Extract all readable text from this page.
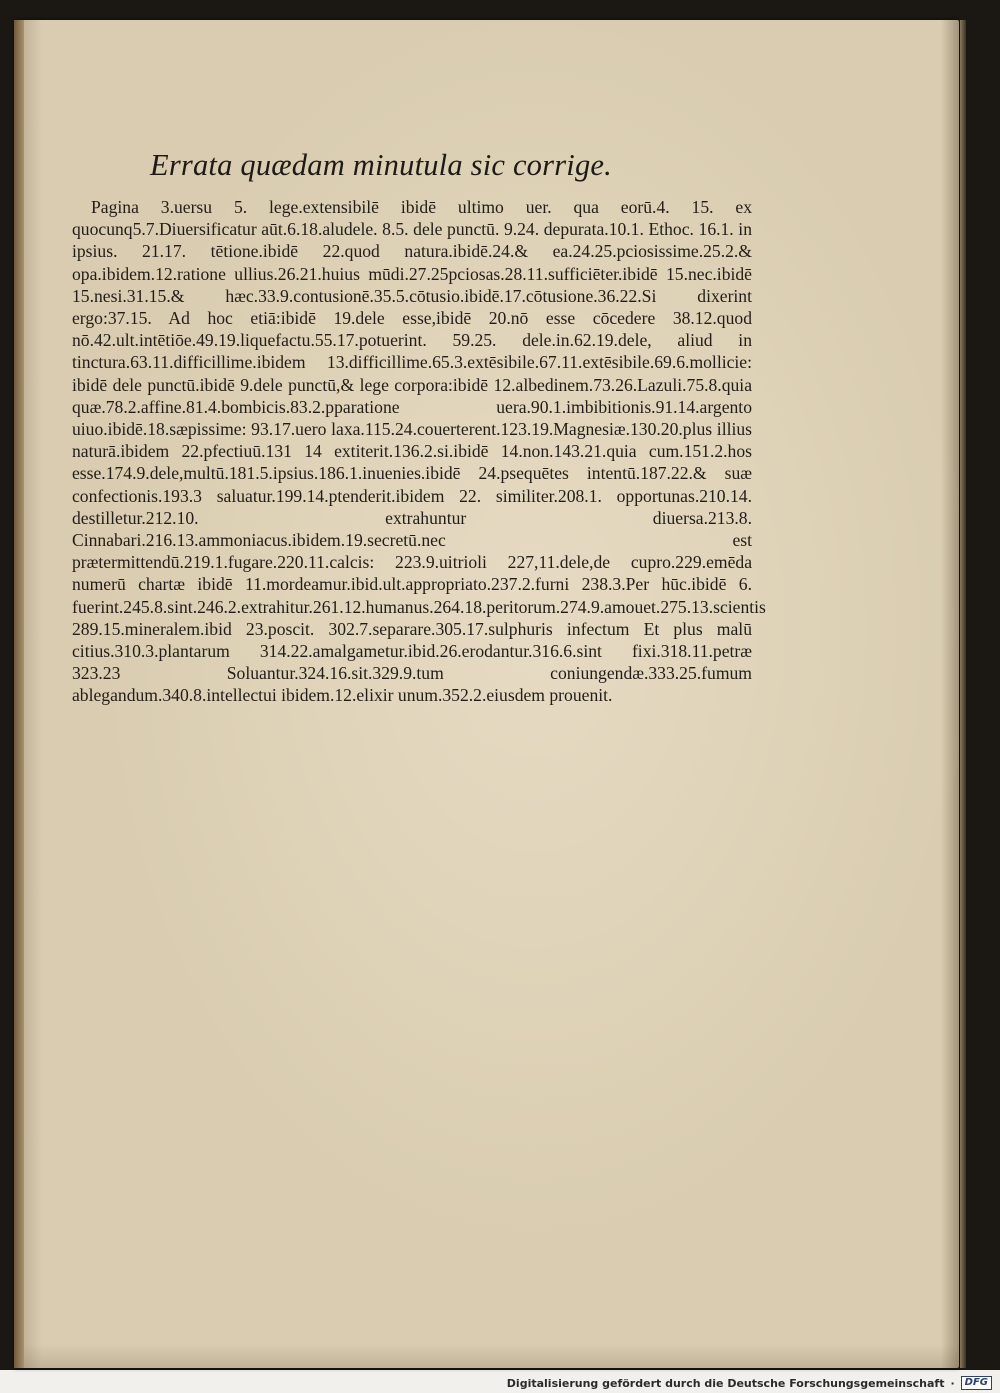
Errata quædam minutula sic corrige.

Pagina 3.uersu 5. lege.extensibilē ibidē ultimo uer. qua eorū.4. 15. ex quocunq5.7.Diuersificatur aūt.6.18.aludele. 8.5. dele punctū. 9.24. depurata.10.1. Ethoc. 16.1. in ipsius. 21.17. tētione.ibidē 22.quod natura.ibidē.24.& ea.24.25.pciosissime.25.2.& opa.ibidem.12.ratione ullius.26.21.huius mūdi.27.25pciosas.28.11.sufficiēter.ibidē 15.nec.ibidē 15.nesi.31.15.& hæc.33.9.contusionē.35.5.cōtusio.ibidē.17.cōtusione.36.22.Si dixerint ergo:37.15. Ad hoc etiā:ibidē 19.dele esse,ibidē 20.nō esse cōcedere 38.12.quod nō.42.ult.intētiōe.49.19.liquefactu.55.17.potuerint. 59.25. dele.in.62.19.dele, aliud in tinctura.63.11.difficillime.ibidem 13.difficillime.65.3.extēsibile.67.11.extēsibile.69.6.mollicie: ibidē dele punctū.ibidē 9.dele punctū,& lege corpora:ibidē 12.albedinem.73.26.Lazuli.75.8.quia quæ.78.2.affine.81.4.bombicis.83.2.pparatione uera.90.1.imbibitionis.91.14.argento uiuo.ibidē.18.sæpissime: 93.17.uero laxa.115.24.couerterent.123.19.Magnesiæ.130.20.plus illius naturā.ibidem 22.pfectiuū.131 14 extiterit.136.2.si.ibidē 14.non.143.21.quia cum.151.2.hos esse.174.9.dele,multū.181.5.ipsius.186.1.inuenies.ibidē 24.psequētes intentū.187.22.& suæ confectionis.193.3 saluatur.199.14.ptenderit.ibidem 22. similiter.208.1. opportunas.210.14. destilletur.212.10. extrahuntur diuersa.213.8. Cinnabari.216.13.ammoniacus.ibidem.19.secretū.nec est prætermittendū.219.1.fugare.220.11.calcis: 223.9.uitrioli 227,11.dele,de cupro.229.emēda numerū chartæ ibidē 11.mordeamur.ibid.ult.appropriato.237.2.furni 238.3.Per hūc.ibidē 6. fuerint.245.8.sint.246.2.extrahitur.261.12.humanus.264.18.peritorum.274.9.amouet.275.13.scientis 289.15.mineralem.ibid 23.poscit. 302.7.separare.305.17.sulphuris infectum Et plus malū citius.310.3.plantarum 314.22.amalgametur.ibid.26.erodantur.316.6.sint fixi.318.11.petræ 323.23 Soluantur.324.16.sit.329.9.tum coniungendæ.333.25.fumum ablegandum.340.8.intellectui ibidem.12.elixir unum.352.2.eiusdem prouenit.

Digitalisierung gefördert durch die Deutsche Forschungsgemeinschaft ·	DFG
